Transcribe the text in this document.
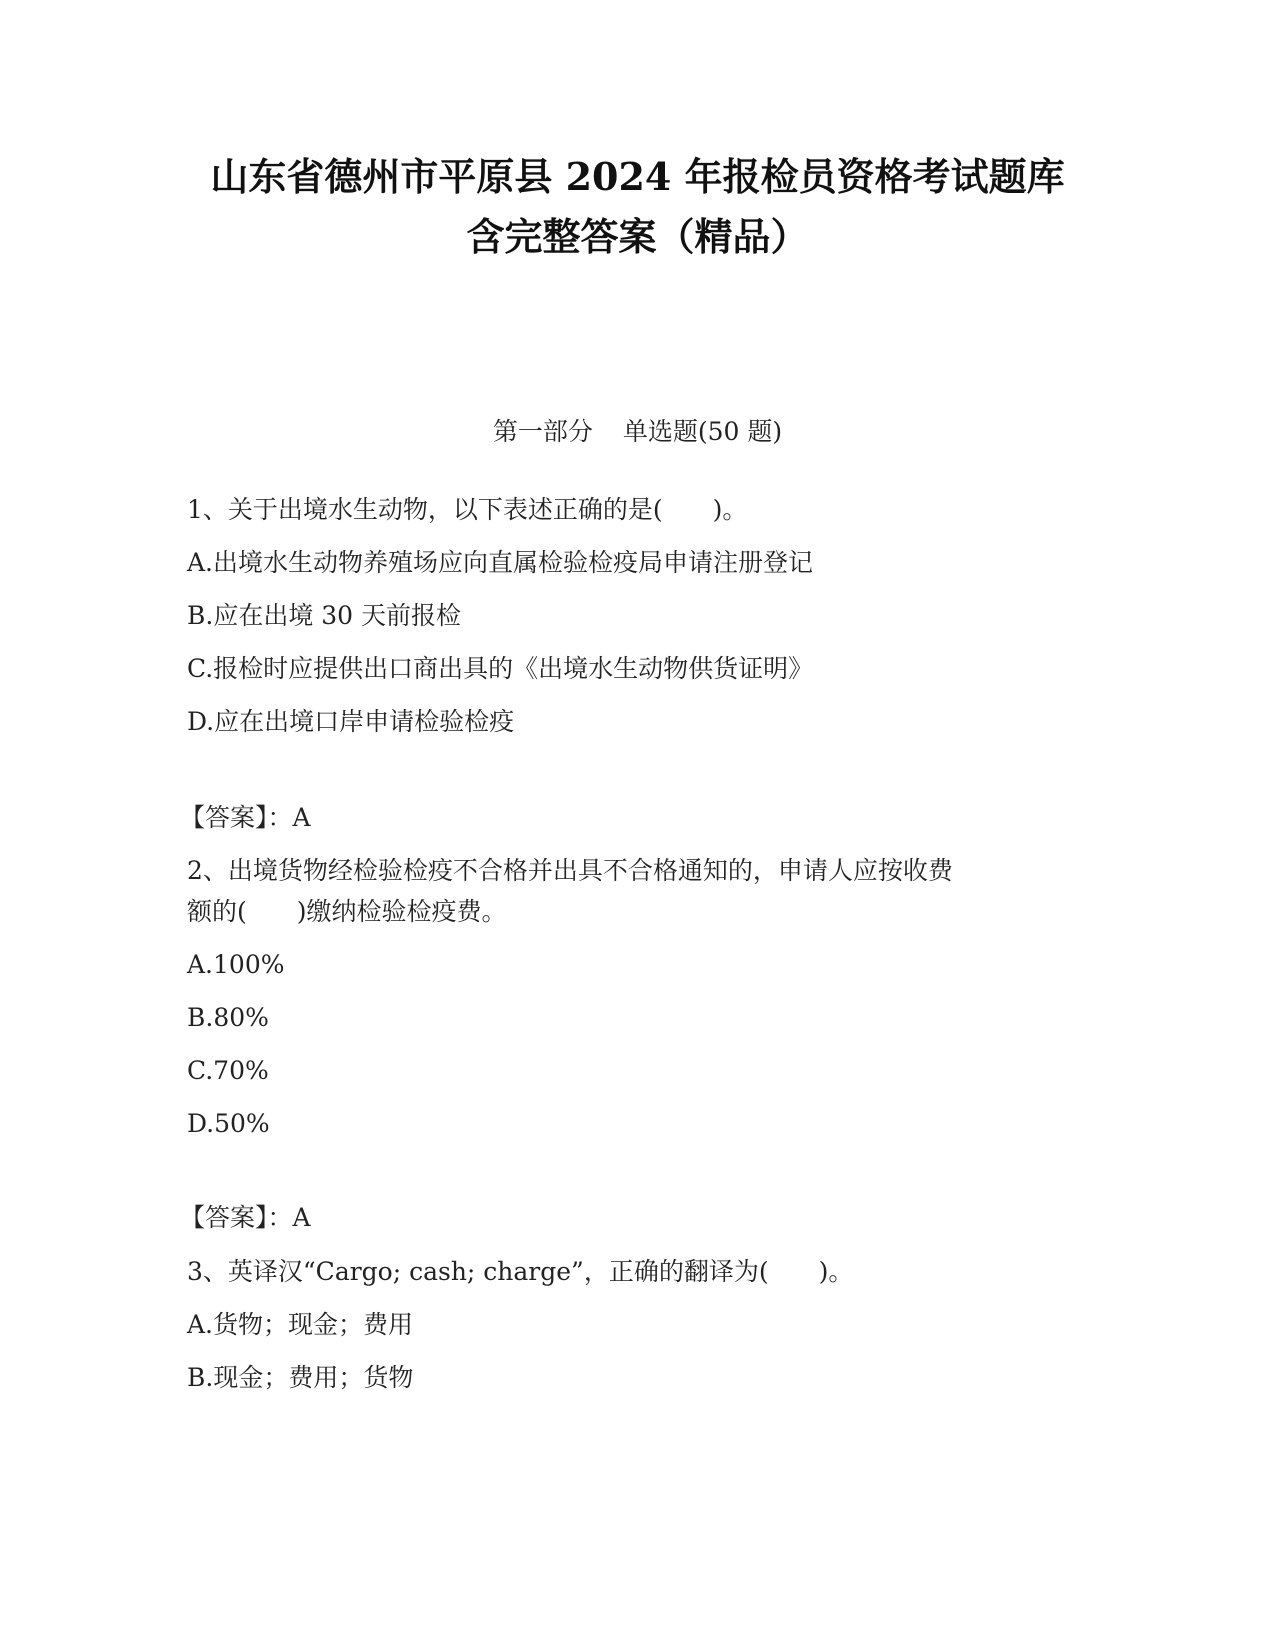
山东省德州市平原县 2024 年报检员资格考试题库
含完整答案（精品）
第一部分 单选题(50 题)
1、关于出境水生动物，以下表述正确的是(　　)。
A.出境水生动物养殖场应向直属检验检疫局申请注册登记
B.应在出境 30 天前报检
C.报检时应提供出口商出具的《出境水生动物供货证明》
D.应在出境口岸申请检验检疫
【答案】：A
2、出境货物经检验检疫不合格并出具不合格通知的，申请人应按收费
额的(　　)缴纳检验检疫费。
A.100%
B.80%
C.70%
D.50%
【答案】：A
3、英译汉“Cargo; cash; charge”，正确的翻译为(　　)。
A.货物；现金；费用
B.现金；费用；货物
